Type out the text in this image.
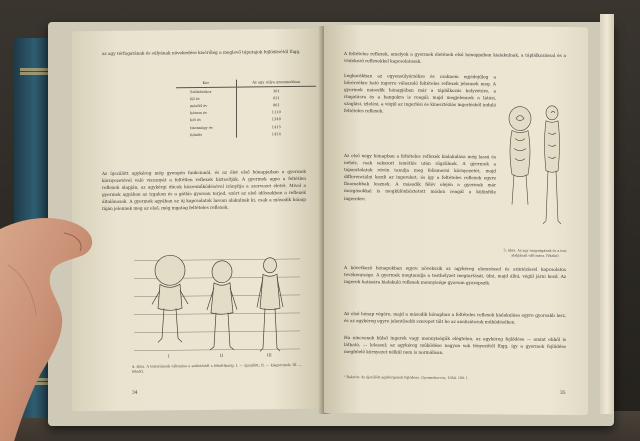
az agy térfogatának és súlyának növekedése kisérőleg a meglevő táputajok fejlődésétől függ.
Kor	Az agy súlya grammokban
Születéskor	381
fél év	631
másfél év	861
három év	1110
hét év	1348
tizennégy év	1415
felnőtt	1424
Az újszülött agykéreg még gyengén funkcionál, és az élet első hónapjaiban a gyermek környezetével való viszonyát a feltétlen reflexek biztosítják. A gyermek agya a feltétlen reflexek alapján, az agykérgi dúcok közreműködésével irányítja a szervezet életét. Mivel a gyermek agyában az izgalom és a gátlás gyorsan terjed, ezért az első időszakban a reflexek általánosak. A gyermek agyában az új kapcsolatok lassan alakulnak ki, csak a második hónap táján jelennek meg az első, még ingatag feltételes reflexek.
I	II	III
4. ábra. A testarányok változása a születéstől a felnőttkorig. I. — újszülött; II. — kisgyermek; III. — felnőtt.
34
A feltételes reflexek, amelyek a gyermek életének első hónapjaiban kialakulnak, a táplálkozással és a védekező reflexekkel kapcsolatosak.
Legkorábban az egyensúlyérzékre és csaknem egyidejűleg a bőrérzékre ható ingerre válaszoló feltételes reflexek jelennek meg. A gyermek második hónapjában már a táplálkozás helyzetére, a ringatásra és a hangokra is reagál; majd megjelennek a látási, szaglási, ízlelési, a végül az ingerlési és kinesztéziás ingerlésből induló feltételes reflexek.
Az első négy hónapban a feltételes reflexek kialakulása még lassú és nehéz, csak sokszori ismétlés után rögzülnek. A gyermek a tapasztalatok révén tanulja meg felismerni környezetét, majd differenciálni kezdi az ingereket, és így a feltételes reflexek egyre finomabbak lesznek. A második félév elején a gyermek már mozgásokkal is megkülönböztetett módon reagál a különféle ingerekre.
5. ábra. Az agy nagyságának és a test alakjának változása. (Vázlat)
A következő hónapokban egyre növekszik az agykéreg elemzéssel és szintézissel kapcsolatos tevékenysége. A gyermek megtanulja a testhelyzet megtartását, ülni, majd állni, végül járni kezd. Az ingerek hatására kialakuló reflexek mennyisége gyorsan gyarapszik.
Az első hónap végére, majd a második hónapban a feltételes reflexek kialakulása egyre gyorsabb lesz, és az agykéreg egyre jelentősebb szerepet tölt be az analizátorok működésében.
Ha nincsenek külső ingerek vagy mennyiségük elégtelen, az agykéreg fejlődése — amint ebből is látható, — lelassul; az agykéreg működése nagyon sok tényezőtől függ, így a gyermek fejlődése megfelelő környezet nélkül nem is normálisan.
¹ Bakwin: Az újszülött agykérgének fejlődése. Gyermekorvos, 1954. 100. l.
35
